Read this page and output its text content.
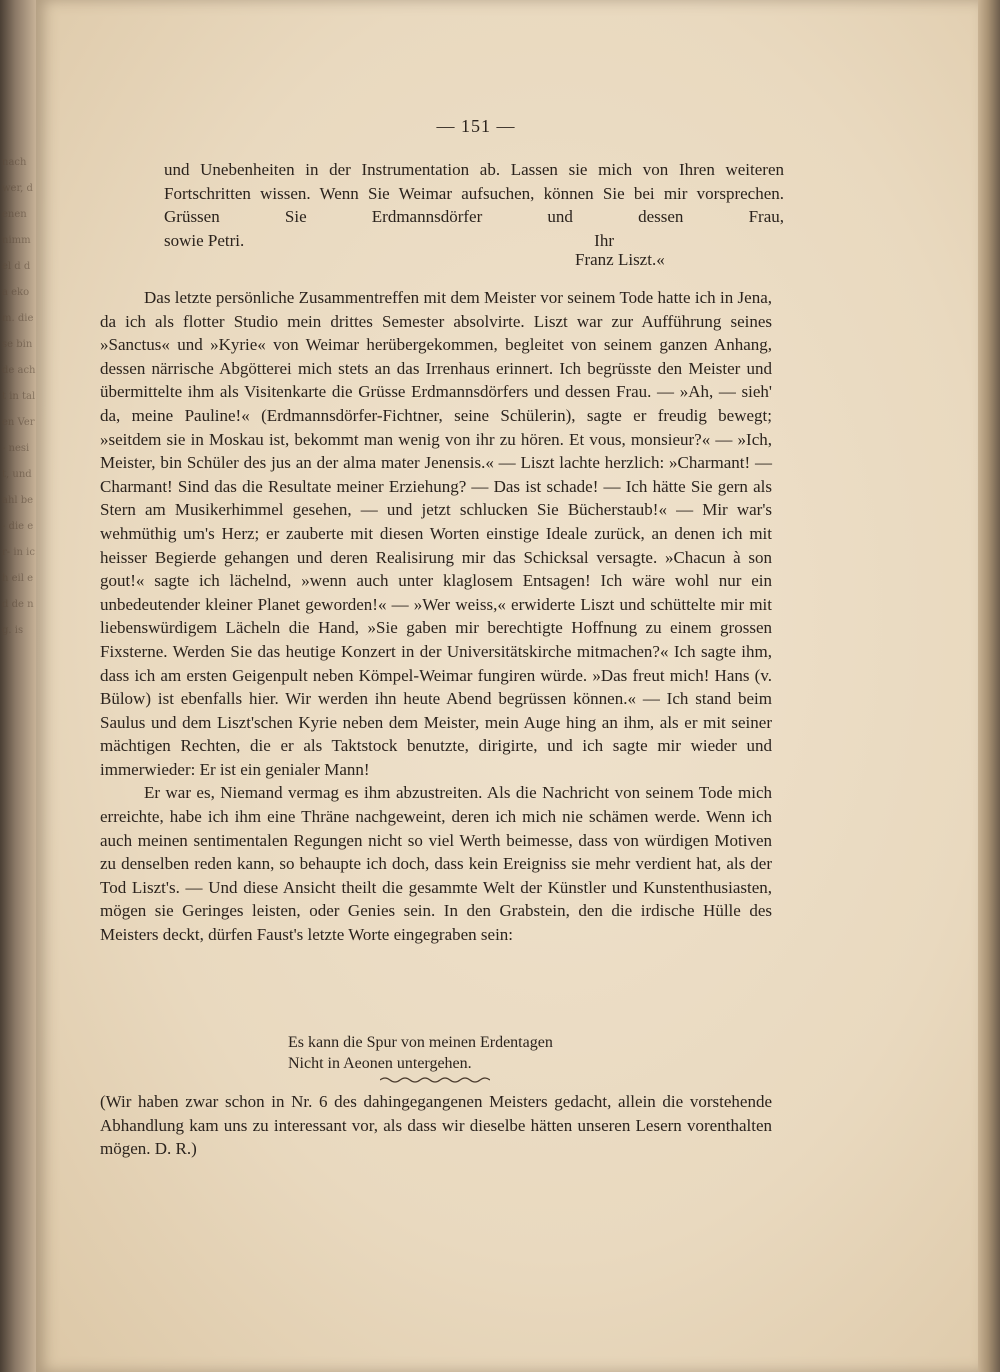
nach wer, denen nimmel d da ekom. diese binde acht in talen Ver- nesit, und ahl be- die er- in ich eil ed de ng. is
— 151 —

und Unebenheiten in der Instrumentation ab. Lassen sie mich von Ihren weiteren Fortschritten wissen. Wenn Sie Weimar aufsuchen, können Sie bei mir vorsprechen. Grüssen Sie Erdmannsdörfer und dessen Frau,

sowie Petri.	Ihr
Franz Liszt.«

Das letzte persönliche Zusammentreffen mit dem Meister vor seinem Tode hatte ich in Jena, da ich als flotter Studio mein drittes Semester absolvirte. Liszt war zur Aufführung seines »Sanctus« und »Kyrie« von Weimar herübergekommen, begleitet von seinem ganzen Anhang, dessen närrische Abgötterei mich stets an das Irrenhaus erinnert. Ich begrüsste den Meister und übermittelte ihm als Visitenkarte die Grüsse Erdmannsdörfers und dessen Frau. — »Ah, — sieh' da, meine Pauline!« (Erdmannsdörfer-Fichtner, seine Schülerin), sagte er freudig bewegt; »seitdem sie in Moskau ist, bekommt man wenig von ihr zu hören. Et vous, monsieur?« — »Ich, Meister, bin Schüler des jus an der alma mater Jenensis.« — Liszt lachte herzlich: »Charmant! — Charmant! Sind das die Resultate meiner Erziehung? — Das ist schade! — Ich hätte Sie gern als Stern am Musikerhimmel gesehen, — und jetzt schlucken Sie Bücherstaub!« — Mir war's wehmüthig um's Herz; er zauberte mit diesen Worten einstige Ideale zurück, an denen ich mit heisser Begierde gehangen und deren Realisirung mir das Schicksal versagte. »Chacun à son gout!« sagte ich lächelnd, »wenn auch unter klaglosem Entsagen! Ich wäre wohl nur ein unbedeutender kleiner Planet geworden!« — »Wer weiss,« erwiderte Liszt und schüttelte mir mit liebenswürdigem Lächeln die Hand, »Sie gaben mir berechtigte Hoffnung zu einem grossen Fixsterne. Werden Sie das heutige Konzert in der Universitätskirche mitmachen?« Ich sagte ihm, dass ich am ersten Geigenpult neben Kömpel-Weimar fungiren würde. »Das freut mich! Hans (v. Bülow) ist ebenfalls hier. Wir werden ihn heute Abend begrüssen können.« — Ich stand beim Saulus und dem Liszt'schen Kyrie neben dem Meister, mein Auge hing an ihm, als er mit seiner mächtigen Rechten, die er als Taktstock benutzte, dirigirte, und ich sagte mir wieder und immerwieder: Er ist ein genialer Mann!

Er war es, Niemand vermag es ihm abzustreiten. Als die Nachricht von seinem Tode mich erreichte, habe ich ihm eine Thräne nachgeweint, deren ich mich nie schämen werde. Wenn ich auch meinen sentimentalen Regungen nicht so viel Werth beimesse, dass von würdigen Motiven zu denselben reden kann, so behaupte ich doch, dass kein Ereigniss sie mehr verdient hat, als der Tod Liszt's. — Und diese Ansicht theilt die gesammte Welt der Künstler und Kunstenthusiasten, mögen sie Geringes leisten, oder Genies sein. In den Grabstein, den die irdische Hülle des Meisters deckt, dürfen Faust's letzte Worte eingegraben sein:

Es kann die Spur von meinen Erdentagen
Nicht in Aeonen untergehen.

(Wir haben zwar schon in Nr. 6 des dahingegangenen Meisters gedacht, allein die vorstehende Abhandlung kam uns zu interessant vor, als dass wir dieselbe hätten unseren Lesern vorenthalten mögen. D. R.)
